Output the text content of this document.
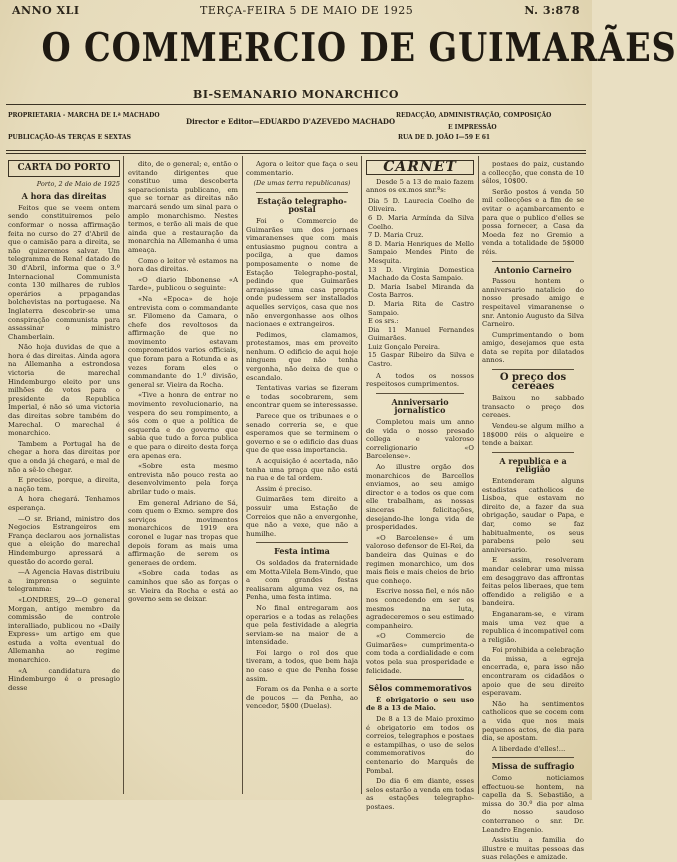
ANNO XLI	TERÇA-FEIRA 5 DE MAIO DE 1925	N. 3:878
O COMMERCIO DE GUIMARÃES
BI-SEMANARIO MONARCHICO
PROPRIETARIA - MARCHA DE I.ª MACHADO	REDACÇÃO, ADMINISTRAÇÃO, COMPOSIÇÃO
E IMPRESSÃO
PUBLICAÇÃO-ÁS TERÇAS E SEXTAS	RUA DE D. JOÃO I—59 E 61
Director e Editor—EDUARDO D'AZEVEDO MACHADO
CARTA DO PORTO
Porto, 2 de Maio de 1925
A hora das direitas

Feitos que se veem ontem sendo constituiremos pelo conformar o nossa affirmação feita no curso do 27 d'Abril de que o camisão para a direita, se não quizeremos salvar. Um telegramma de Rena! datado de 30 d'Abril, informa que o 3.º Internacional Communista conta 130 milhares de rublos operários a prpagandas bolchevistas na portugaese. Na Inglaterra descobrir-se uma conspiração communista para assassinar o ministro Chamberlain.

Não hoja duvidas de que a hora é das direitas. Ainda agora na Allemanha a estrondosa victoria de marechal Hindemburgo eleito por uns milhões de votos para o presidente da Republica Imperial, é não só uma victoria das direitas sobre também do Marechal. O marechal é monarchico.

Tambem a Portugal ha de chegar a hora das direitas por que a onda já chegará, e mal de não a sê-lo chegar.

E preciso, porque, a direita, a nação tem.

A hora chegará. Tenhamos esperança.

—O sr. Briand, ministro dos Negocios Estrangeiros em França declarou aos jornalistas que a eleição do marechal Hindemburgo apressará a questão do acordo geral.

—A Agencia Havas distribuiu a imprensa o seguinte telegramma:

«LONDRES, 29—O general Morgan, antigo membro da commissão de controle interalliado, publicou no «Daily Express» um artigo em que estuda a volta eventual do Allemanha ao regime monarchico.

«A candidatura de Hindemburgo é o presagio desse

dito, de o general; e, então o evitando dirigentes que constituo uma descoberta separacionista publicano, em que se tornar as direitas não marcará sendo um sinal para o amplo monarchismo. Nestes termos, e terão ali mais de que ainda que a restauração da monarchia na Allemanha é uma ameaça.

Como o leitor vê estamos na hora das direitas.

«O diario Ibbonense «A Tarde», publicou o seguinte:

«Na «Epoca» de hoje entrevista com o commandante sr. Filomeno da Camara, o chefe dos revoltosos da affirmação de que no movimento estavam comprometidos varios officiais, que foram para a Rotunda e as vezes foram eles o commandante do 1.º divisão, general sr. Vieira da Rocha.

«Tive a honra de entrar no movimento revolucionario, na vespera do seu rompimento, a sós com o que a política de esquerda e do governo que sabia que tudo a forca publica e que para o direito desta força era apenas era.

«Sobre esta mesmo entrevista não pouco resta ao desenvolvimento pela força abrilar tudo o mais.

Em general Adriano de Sá, com quem o Exmo. sempre dos serviços movimentos monarchicos de 1919 era coronel e lugar nas tropas que depois foram as mais uma affirmação de serem os generaes de ordem.

«Sobre cada todas as caminhos que são as forças o sr. Vieira da Rocha e está ao governo sem se deixar.

Agora o leitor que faça o seu commentario.

(De umas terra republicanas)
Estação telegrapho-postal

Foi o Commercio de Guimarães um dos jornaes vimaranenses que com mais entusiasmo pugnou contra a pocilga, a que damos pomposamente o nome de Estação Telegrapho-postal, pedindo que Guimarães arranjasse uma casa propria onde pudessem ser installados aquelles serviços, casa que nos não envergonhasse aos olhos nacionaes e extrangeiros.

Pedimos, clamamos, protestamos, mas em proveito nenhum. O edificio de aqui hoje ninguem que não tenha vergonha, não deixa de que o escandalo.

Tentativas varias se fizeram e todas socobrarem, sem encontrar quem se interessasse.

Parece que os tribunaes e o senado correria se, e que esperamos que se terminem o governo e se o edificio das duas que de que essa importancia.

A acquisição é acertada, não tenha uma praça que não está na rua e de tal ordem.

Assim é preciso.

Guimarães tem direito a possuir uma Estação de Correios que não a envergonhe, que não a vexe, que não a humilhe.

Festa intima

Os soldados da fraternidade em Motta-Vilela Bem-Vindo, que a com grandes festas realisaram alguma vez os, na Penha, uma festa intima.

No final entregaram aos operarios e a todas as relações que pela festividade a alegria serviam-se na maior de a intensidade.

Foi largo o rol dos que tiveram, a todos, que bem haja no caso e que de Penha fosse assim.

Foram os da Penha e a sorte de poucos — da Penha, ao vencedor, 5$00 (Duelas).

CARNET

Desde 5 a 13 de maio fazem annos os ex.mos snr.ªs:

Dia 5 D. Laurecia Coelho de Oliveira.
6 D. Maria Armínda da Silva Coelho.
7 D. Maria Cruz.
8 D. Maria Henriques de Mello Sampaio Mendes Pinto de Mesquita.
13 D. Virginia Domestica Machado da Costa Sampaio.
D. Maria Isabel Miranda da Costa Barros.
D. Maria Rita de Castro Sampaio.
E os srs.:
Dia 11 Manuel Fernandes Guimarães.
Luiz Gonçalo Pereira.
15 Gaspar Ribeiro da Silva e Castro.

A todos os nossos respeitosos cumprimentos.

Anniversario jornalístico

Completou mais um anno de vida o nosso presado collega e valoroso correligionario «O Barcelense».

Ao illustre orgão dos monarchicos de Barcellos enviamos, ao seu amigo director e a todos os que com elle trabalham, as nossas sinceras felicitações, desejando-lhe longa vida de prosperidades.

«O Barcelense» é um valoroso defensor de El-Rei, da bandeira das Quinas e do regimen monarchico, um dos mais fieis e mais cheios de brio que conheço.

Escrive nossa fiel, e nós não nos concedendo em ser os mesmos na luta, agradeceremos o seu estimado companheiro.

«O Commercio de Guimarães» cumprimenta-o com toda a cordialidade e com votos pela sua prosperidade e felicidade.

Sêlos commemorativos

É obrigatorio o seu uso de 8 a 13 de Maio.

De 8 a 13 de Maio proximo é obrigatorio em todos os correios, telegraphos e postaes e estampilhas, o uso de selos commemorativos do centenario do Marquês de Pombal.

Do dia 6 em diante, esses selos estarão a venda em todas as estações telegrapho-postaes.

postaes do paiz, custando a collecção, que consta de 10 sêlos, 10$00.

Serão postos á venda 50 mil collecções e a fim de se evitar o açambarcamento e para que o publico d'elles se possa fornecer, a Casa da Moeda fez no Gremio a venda a totalidade de 5$000 réis.

Antonio Carneiro

Passou hontem o anniversario natalicio do nosso presado amigo e respeitavel vimaranense o snr. Antonio Augusto da Silva Carneiro.

Cumprimentando o bom amigo, desejamos que esta data se repita por dilatados annos.

O preço dos cereaes

Baixou no sabbado transacto o preço dos cereaes.

Vendeu-se algum milho a 18$000 réis o alqueire e tende a baixar.

A republica e a religião

Entenderam alguns estadistas catholicos de Lisboa, que estavam no direito de, a fazer da sua obrigação, saudar o Papa, e dar, como se faz habitualmente, os seus parabens pelo seu anniversario.

E assim, resolveram mandar celebrar uma missa em desaggravo das affrontas feitas pelos liberaes, que tem offendido a religião e a bandeira.

Enganaram-se, e viram mais uma vez que a republica é incompativel com a religião.

Foi prohibida a celebração da missa, a egreja encerrada, e, para isso não encontraram os cidadãos o apoio que de seu direito esperavam.

Não ha sentimentos catholicos que se cocem com a vida que nos mais pequenos actos, de dia para dia, se apostam.

A liberdade d'elles!...

Missa de suffragio

Como noticiamos effectuou-se hontem, na capella da S. Sebastião, a missa do 30.º dia por alma do nosso saudoso conterraneo o snr. Dr. Leandro Engenio.

Assistiu a familia do illustre e muitas pessoas das suas relações e amizade.
